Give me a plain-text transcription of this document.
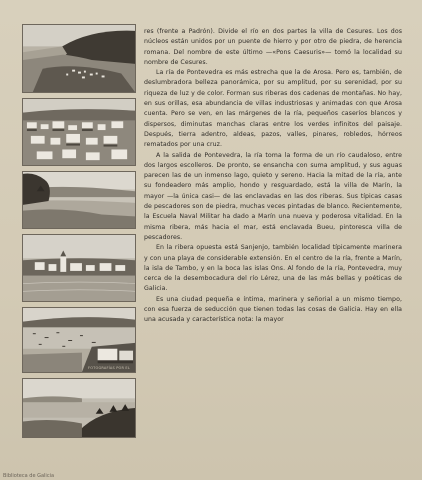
FOTOGRAFÍAS POR EL

res (frente a Padrón). Divide el río en dos partes la villa de Cesures. Los dos núcleos están unidos por un puente de hierro y por otro de piedra, de herencia romana. Del nombre de este último —«Pons Caesuris»— tomó la localidad su nombre de Cesures.

La ría de Pontevedra es más estrecha que la de Arosa. Pero es, también, de deslumbradora belleza panorámica, por su amplitud, por su serenidad, por su riqueza de luz y de color. Forman sus riberas dos cadenas de montañas. No hay, en sus orillas, esa abundancia de villas industriosas y animadas con que Arosa cuenta. Pero se ven, en las márgenes de la ría, pequeños caseríos blancos y dispersos, diminutas manchas claras entre los verdes infinitos del paisaje. Después, tierra adentro, aldeas, pazos, valles, pinares, robledos, hórreos rematados por una cruz.

A la salida de Pontevedra, la ría toma la forma de un río caudaloso, entre dos largos escolleros. De pronto, se ensancha con suma amplitud, y sus aguas parecen las de un inmenso lago, quieto y sereno. Hacia la mitad de la ría, ante su fondeadero más amplio, hondo y resguardado, está la villa de Marín, la mayor —la única casi— de las enclavadas en las dos riberas. Sus típicas casas de pescadores son de piedra, muchas veces pintadas de blanco. Recientemente, la Escuela Naval Militar ha dado a Marín una nueva y poderosa vitalidad. En la misma ribera, más hacia el mar, está enclavada Bueu, pintoresca villa de pescadores.

En la ribera opuesta está Sanjenjo, también localidad típicamente marinera y con una playa de considerable extensión. En el centro de la ría, frente a Marín, la isla de Tambo, y en la boca las islas Ons. Al fondo de la ría, Pontevedra, muy cerca de la desembocadura del río Lérez, una de las más bellas y poéticas de Galicia.

Es una ciudad pequeña e íntima, marinera y señorial a un mismo tiempo, con esa fuerza de seducción que tienen todas las cosas de Galicia. Hay en ella una acusada y característica nota: la mayor

Biblioteca de Galicia
